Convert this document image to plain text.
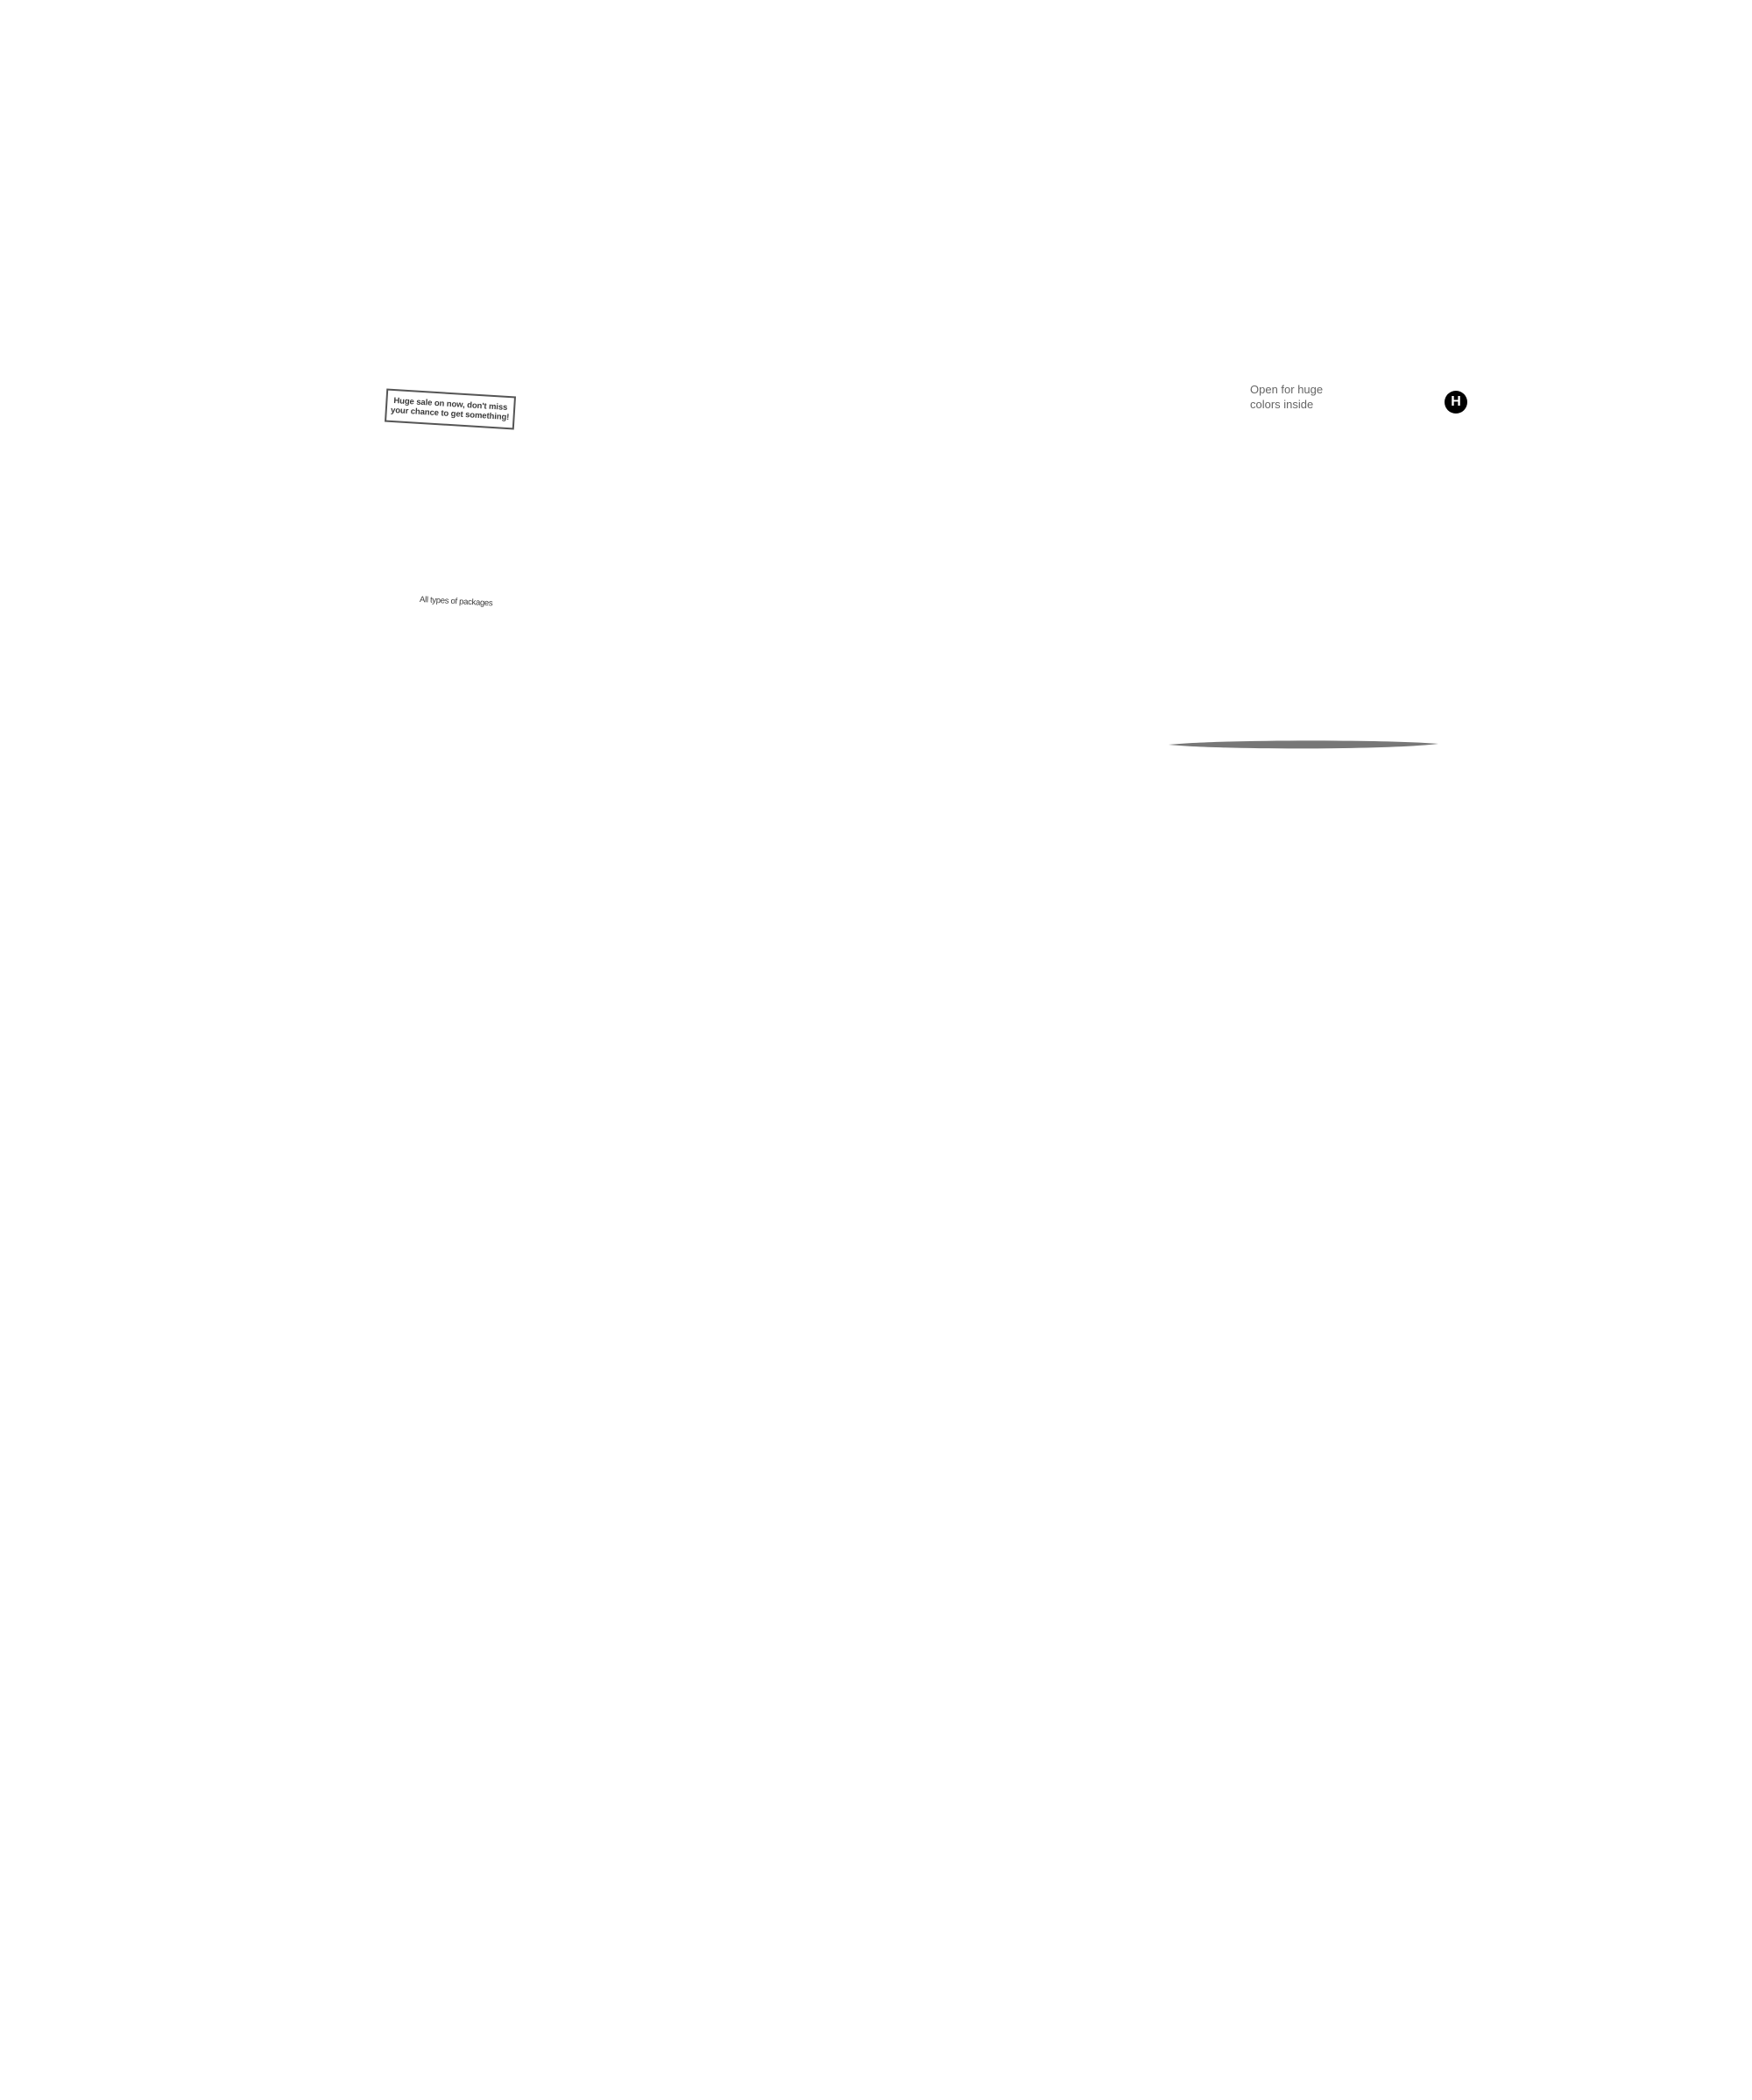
Huge sale on now, don't miss
your chance to get something!
All types of packages
Open for huge
colors inside	H
